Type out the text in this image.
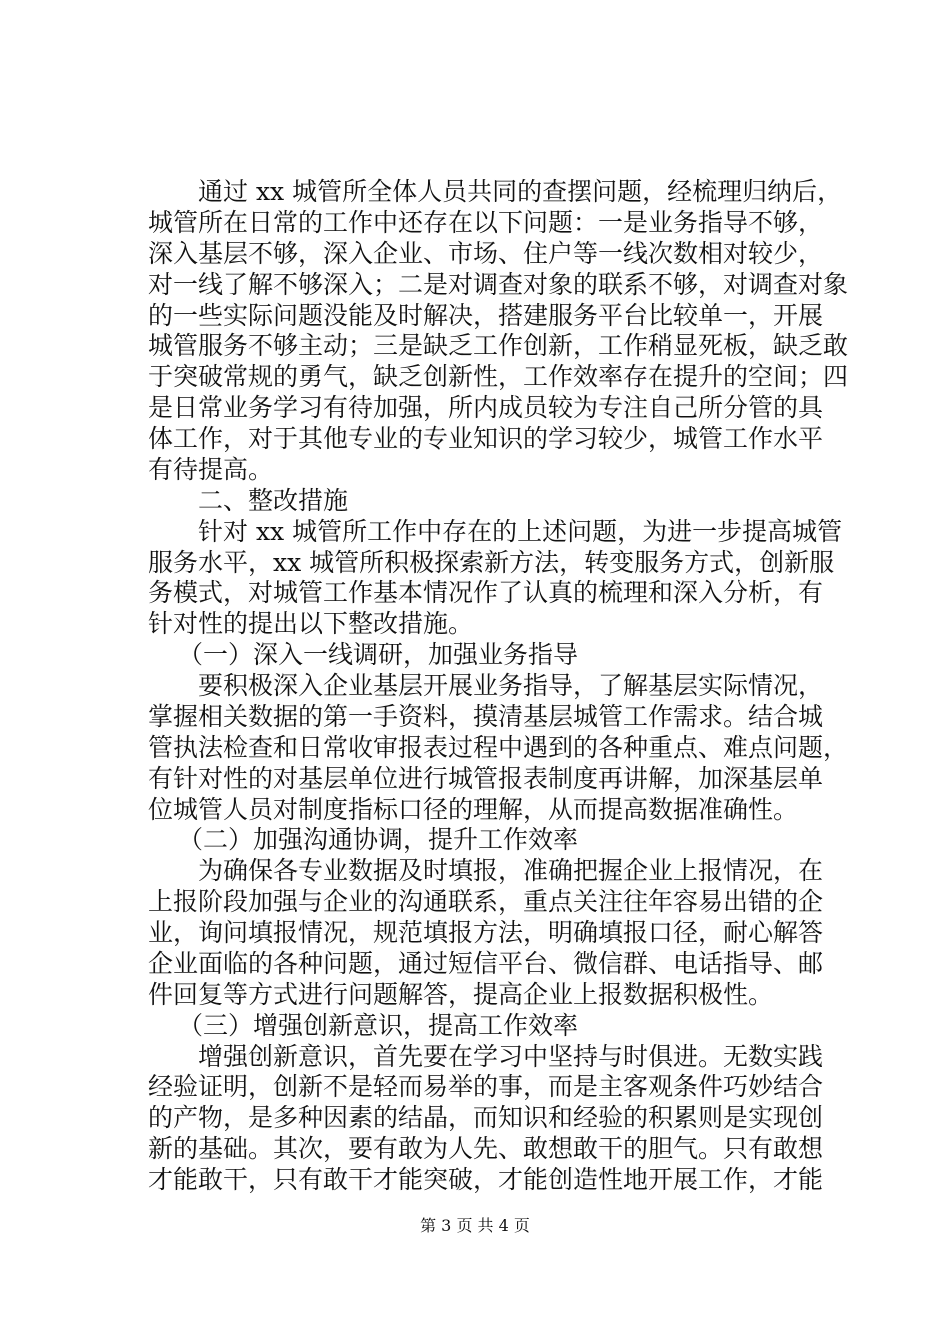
通过 xx 城管所全体人员共同的查摆问题，经梳理归纳后，
城管所在日常的工作中还存在以下问题：一是业务指导不够，
深入基层不够，深入企业、市场、住户等一线次数相对较少，
对一线了解不够深入；二是对调查对象的联系不够，对调查对象
的一些实际问题没能及时解决，搭建服务平台比较单一，开展
城管服务不够主动；三是缺乏工作创新，工作稍显死板，缺乏敢
于突破常规的勇气，缺乏创新性，工作效率存在提升的空间；四
是日常业务学习有待加强，所内成员较为专注自己所分管的具
体工作，对于其他专业的专业知识的学习较少，城管工作水平
有待提高。
二、整改措施
针对 xx 城管所工作中存在的上述问题，为进一步提高城管
服务水平，xx 城管所积极探索新方法，转变服务方式，创新服
务模式，对城管工作基本情况作了认真的梳理和深入分析，有
针对性的提出以下整改措施。
（一）深入一线调研，加强业务指导
要积极深入企业基层开展业务指导，了解基层实际情况，
掌握相关数据的第一手资料，摸清基层城管工作需求。结合城
管执法检查和日常收审报表过程中遇到的各种重点、难点问题，
有针对性的对基层单位进行城管报表制度再讲解，加深基层单
位城管人员对制度指标口径的理解，从而提高数据准确性。
（二）加强沟通协调，提升工作效率
为确保各专业数据及时填报，准确把握企业上报情况，在
上报阶段加强与企业的沟通联系，重点关注往年容易出错的企
业，询问填报情况，规范填报方法，明确填报口径，耐心解答
企业面临的各种问题，通过短信平台、微信群、电话指导、邮
件回复等方式进行问题解答，提高企业上报数据积极性。
（三）增强创新意识，提高工作效率
增强创新意识，首先要在学习中坚持与时俱进。无数实践
经验证明，创新不是轻而易举的事，而是主客观条件巧妙结合
的产物，是多种因素的结晶，而知识和经验的积累则是实现创
新的基础。其次，要有敢为人先、敢想敢干的胆气。只有敢想
才能敢干，只有敢干才能突破，才能创造性地开展工作，才能
第 3 页 共 4 页
